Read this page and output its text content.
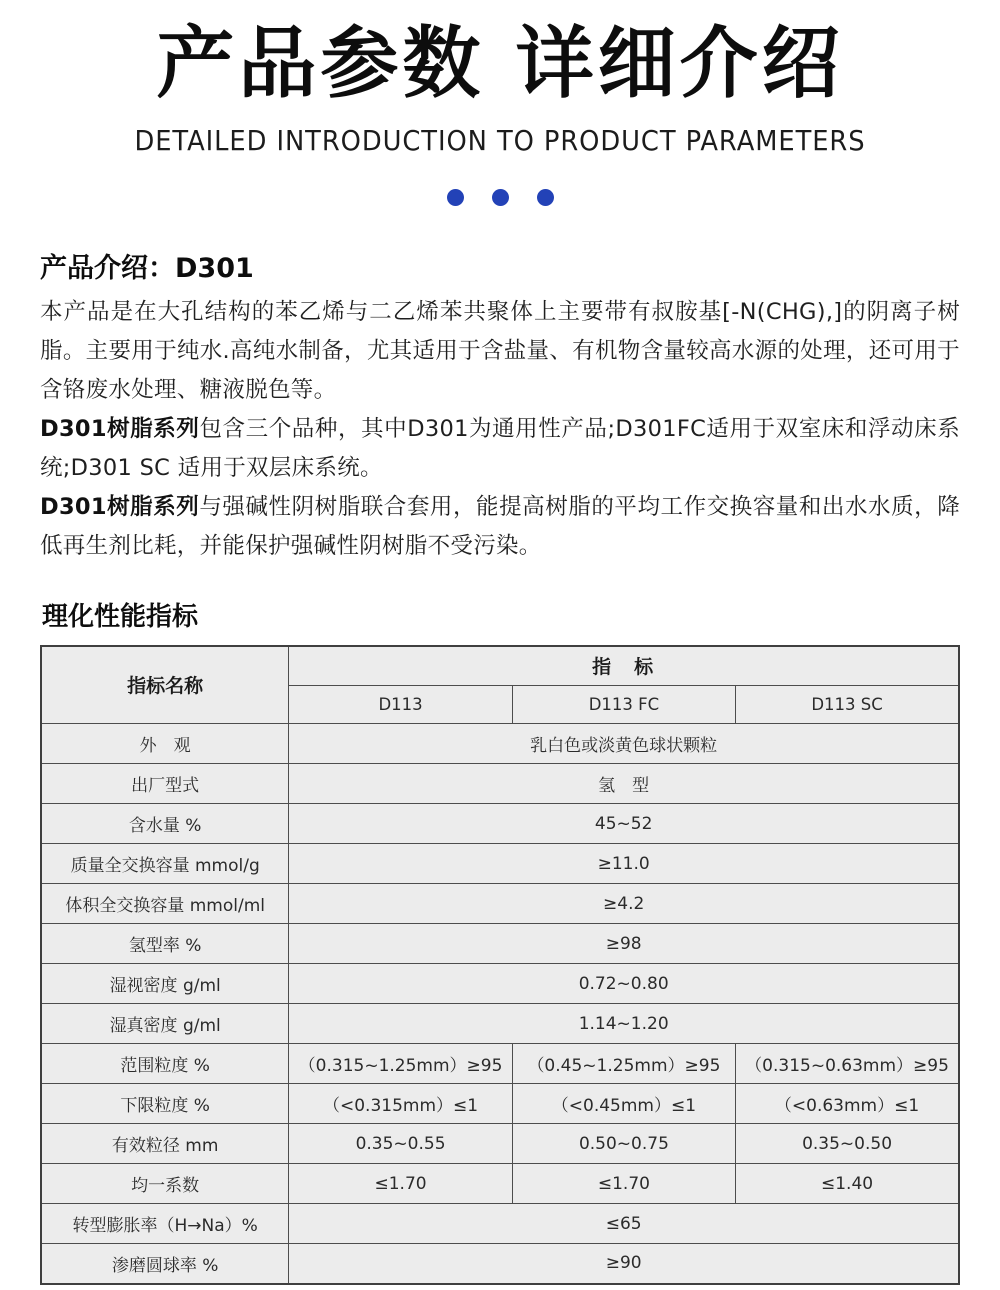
产品参数 详细介绍
DETAILED INTRODUCTION TO PRODUCT PARAMETERS
产品介绍：D301

本产品是在大孔结构的苯乙烯与二乙烯苯共聚体上主要带有叔胺基[-N(CHG),]的阴离子树脂。主要用于纯水.高纯水制备，尤其适用于含盐量、有机物含量较高水源的处理，还可用于含铬废水处理、糖液脱色等。

D301树脂系列包含三个品种，其中D301为通用性产品;D301FC适用于双室床和浮动床系统;D301 SC 适用于双层床系统。

D301树脂系列与强碱性阴树脂联合套用，能提高树脂的平均工作交换容量和出水水质，降低再生剂比耗，并能保护强碱性阴树脂不受污染。

理化性能指标
指标名称	指　标		
	D113	D113 FC	D113 SC
外　观	乳白色或淡黄色球状颗粒		
出厂型式	氢　型		
含水量 %	45~52		
质量全交换容量 mmol/g	≥11.0		
体积全交换容量 mmol/ml	≥4.2		
氢型率 %	≥98		
湿视密度 g/ml	0.72~0.80		
湿真密度 g/ml	1.14~1.20		
范围粒度 %	（0.315~1.25mm）≥95	（0.45~1.25mm）≥95	（0.315~0.63mm）≥95
下限粒度 %	（<0.315mm）≤1	（<0.45mm）≤1	（<0.63mm）≤1
有效粒径 mm	0.35~0.55	0.50~0.75	0.35~0.50
均一系数	≤1.70	≤1.70	≤1.40
转型膨胀率（H→Na）%	≤65		
渗磨圆球率 %	≥90		
